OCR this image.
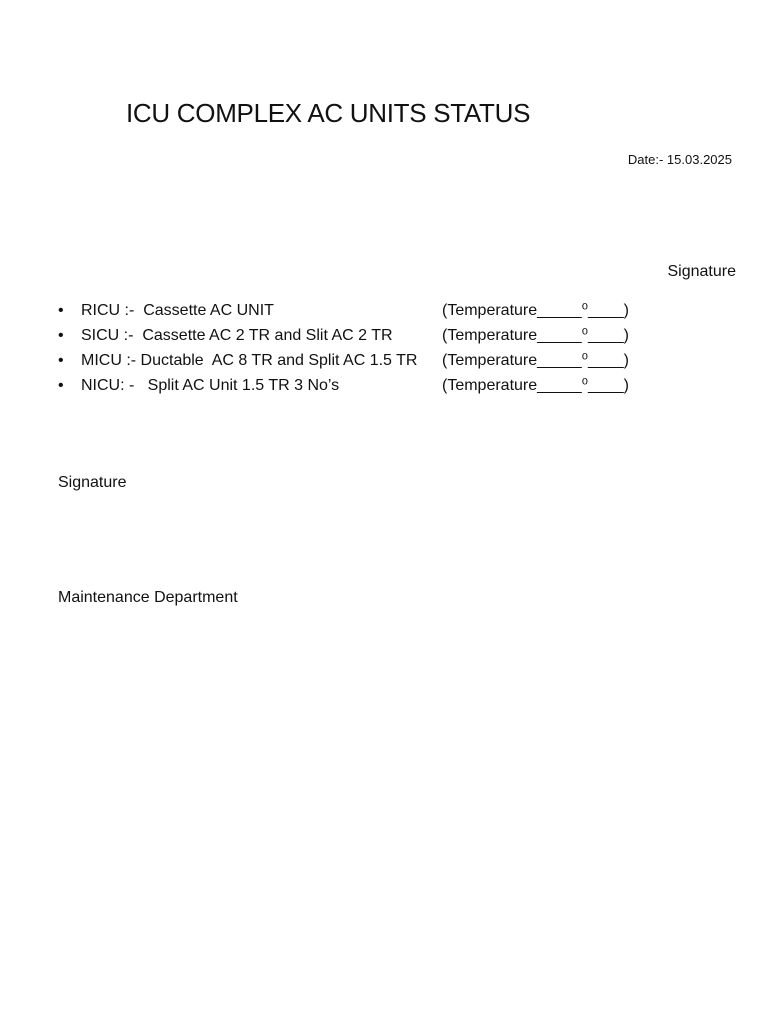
ICU COMPLEX AC UNITS STATUS
Date:- 15.03.2025
Signature
•	RICU :-  Cassette AC UNIT	(Temperature_____⁰____)
•	SICU :-  Cassette AC 2 TR and Slit AC 2 TR	(Temperature_____⁰____)
•	MICU :- Ductable  AC 8 TR and Split AC 1.5 TR (Temperature_____⁰____)
•	NICU: -   Split AC Unit 1.5 TR 3 No’s	(Temperature_____⁰____)
Signature
Maintenance Department
